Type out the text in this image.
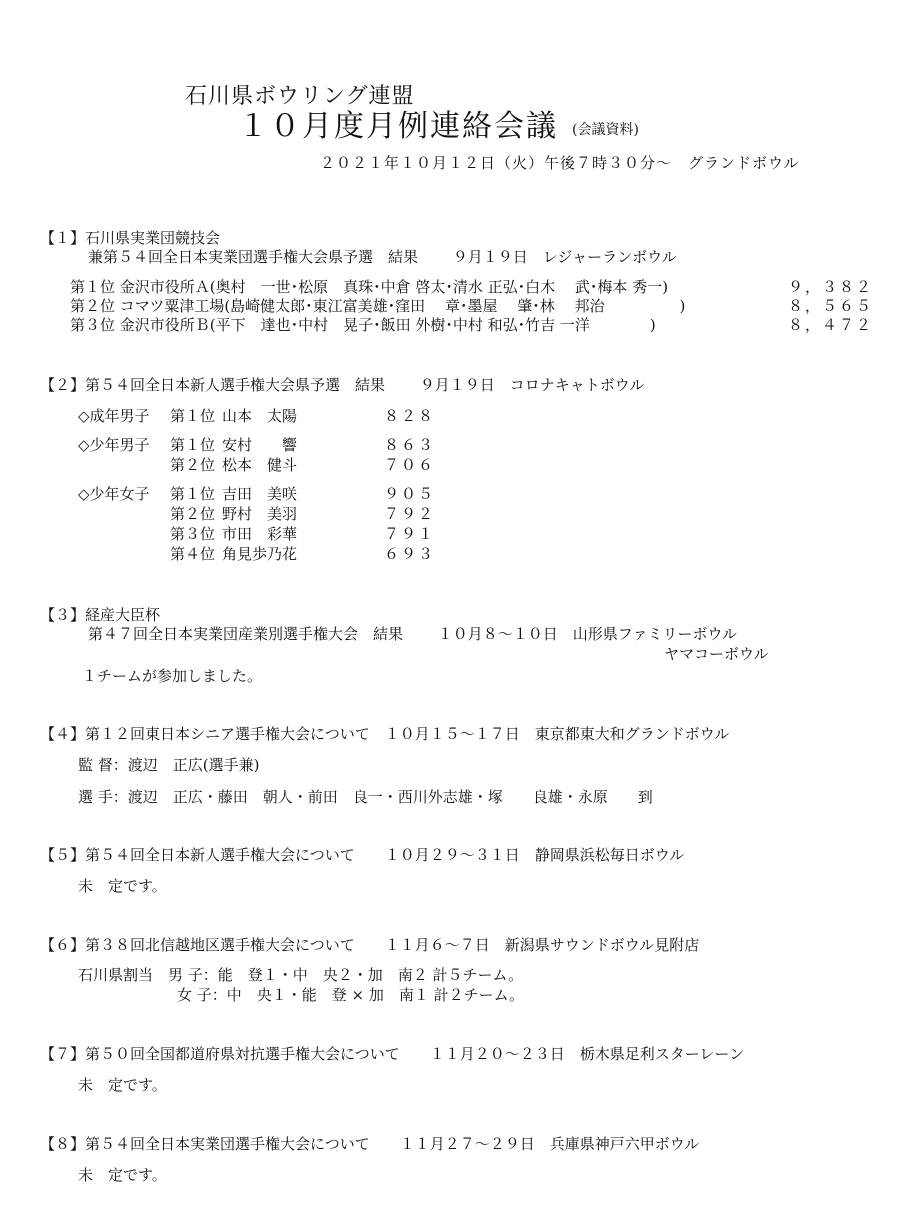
石川県ボウリング連盟
１０月度月例連絡会議 (会議資料)
２０２１年１０月１２日（火）午後７時３０分～　グランドボウル
【１】石川県実業団競技会
兼第５４回全日本実業団選手権大会県予選　結果　　 ９月１９日　レジャーランボウル
第１位 金沢市役所Ａ(奥村　一世･松原　真珠･中倉 啓太･清水 正弘･白木　 武･梅本 秀一)	９，３８２
第２位 コマツ粟津工場(島崎健太郎･東江富美雄･窪田　 章･墨屋　 肇･林　 邦治　　　　　)	８，５６５
第３位 金沢市役所Ｂ(平下　達也･中村　晃子･飯田 外樹･中村 和弘･竹吉 一洋　　　　)	８，４７２
【２】第５４回全日本新人選手権大会県予選　結果　　 ９月１９日　コロナキャトボウル
◇成年男子 第１位 山本　太陽	８２８
◇少年男子 第１位 安村　　響	８６３
第２位 松本　健斗	７０６
◇少年女子 第１位 吉田　美咲	９０５
第２位 野村　美羽	７９２
第３位 市田　彩華	７９１
第４位 角見歩乃花	６９３
【３】経産大臣杯
第４７回全日本実業団産業別選手権大会　結果　　 １０月８～１０日　山形県ファミリーボウル
ヤマコーボウル
１チームが参加しました。
【４】第１２回東日本シニア選手権大会について　１０月１５～１７日　東京都東大和グランドボウル
監 督：渡辺　正広(選手兼)
選 手：渡辺　正広・藤田　朝人・前田　良一・西川外志雄・塚　　良雄・永原　　到
【５】第５４回全日本新人選手権大会について　　１０月２９～３１日　静岡県浜松毎日ボウル
未　定です。
【６】第３８回北信越地区選手権大会について　　１１月６～７日　新潟県サウンドボウル見附店
石川県割当　男 子：能　登１・中　央２・加　南２ 計５チーム。
女 子：中　央１・能　登 × 加　南１ 計２チーム。
【７】第５０回全国都道府県対抗選手権大会について　　１１月２０～２３日　栃木県足利スターレーン
未　定です。
【８】第５４回全日本実業団選手権大会について　　１１月２７～２９日　兵庫県神戸六甲ボウル
未　定です。
